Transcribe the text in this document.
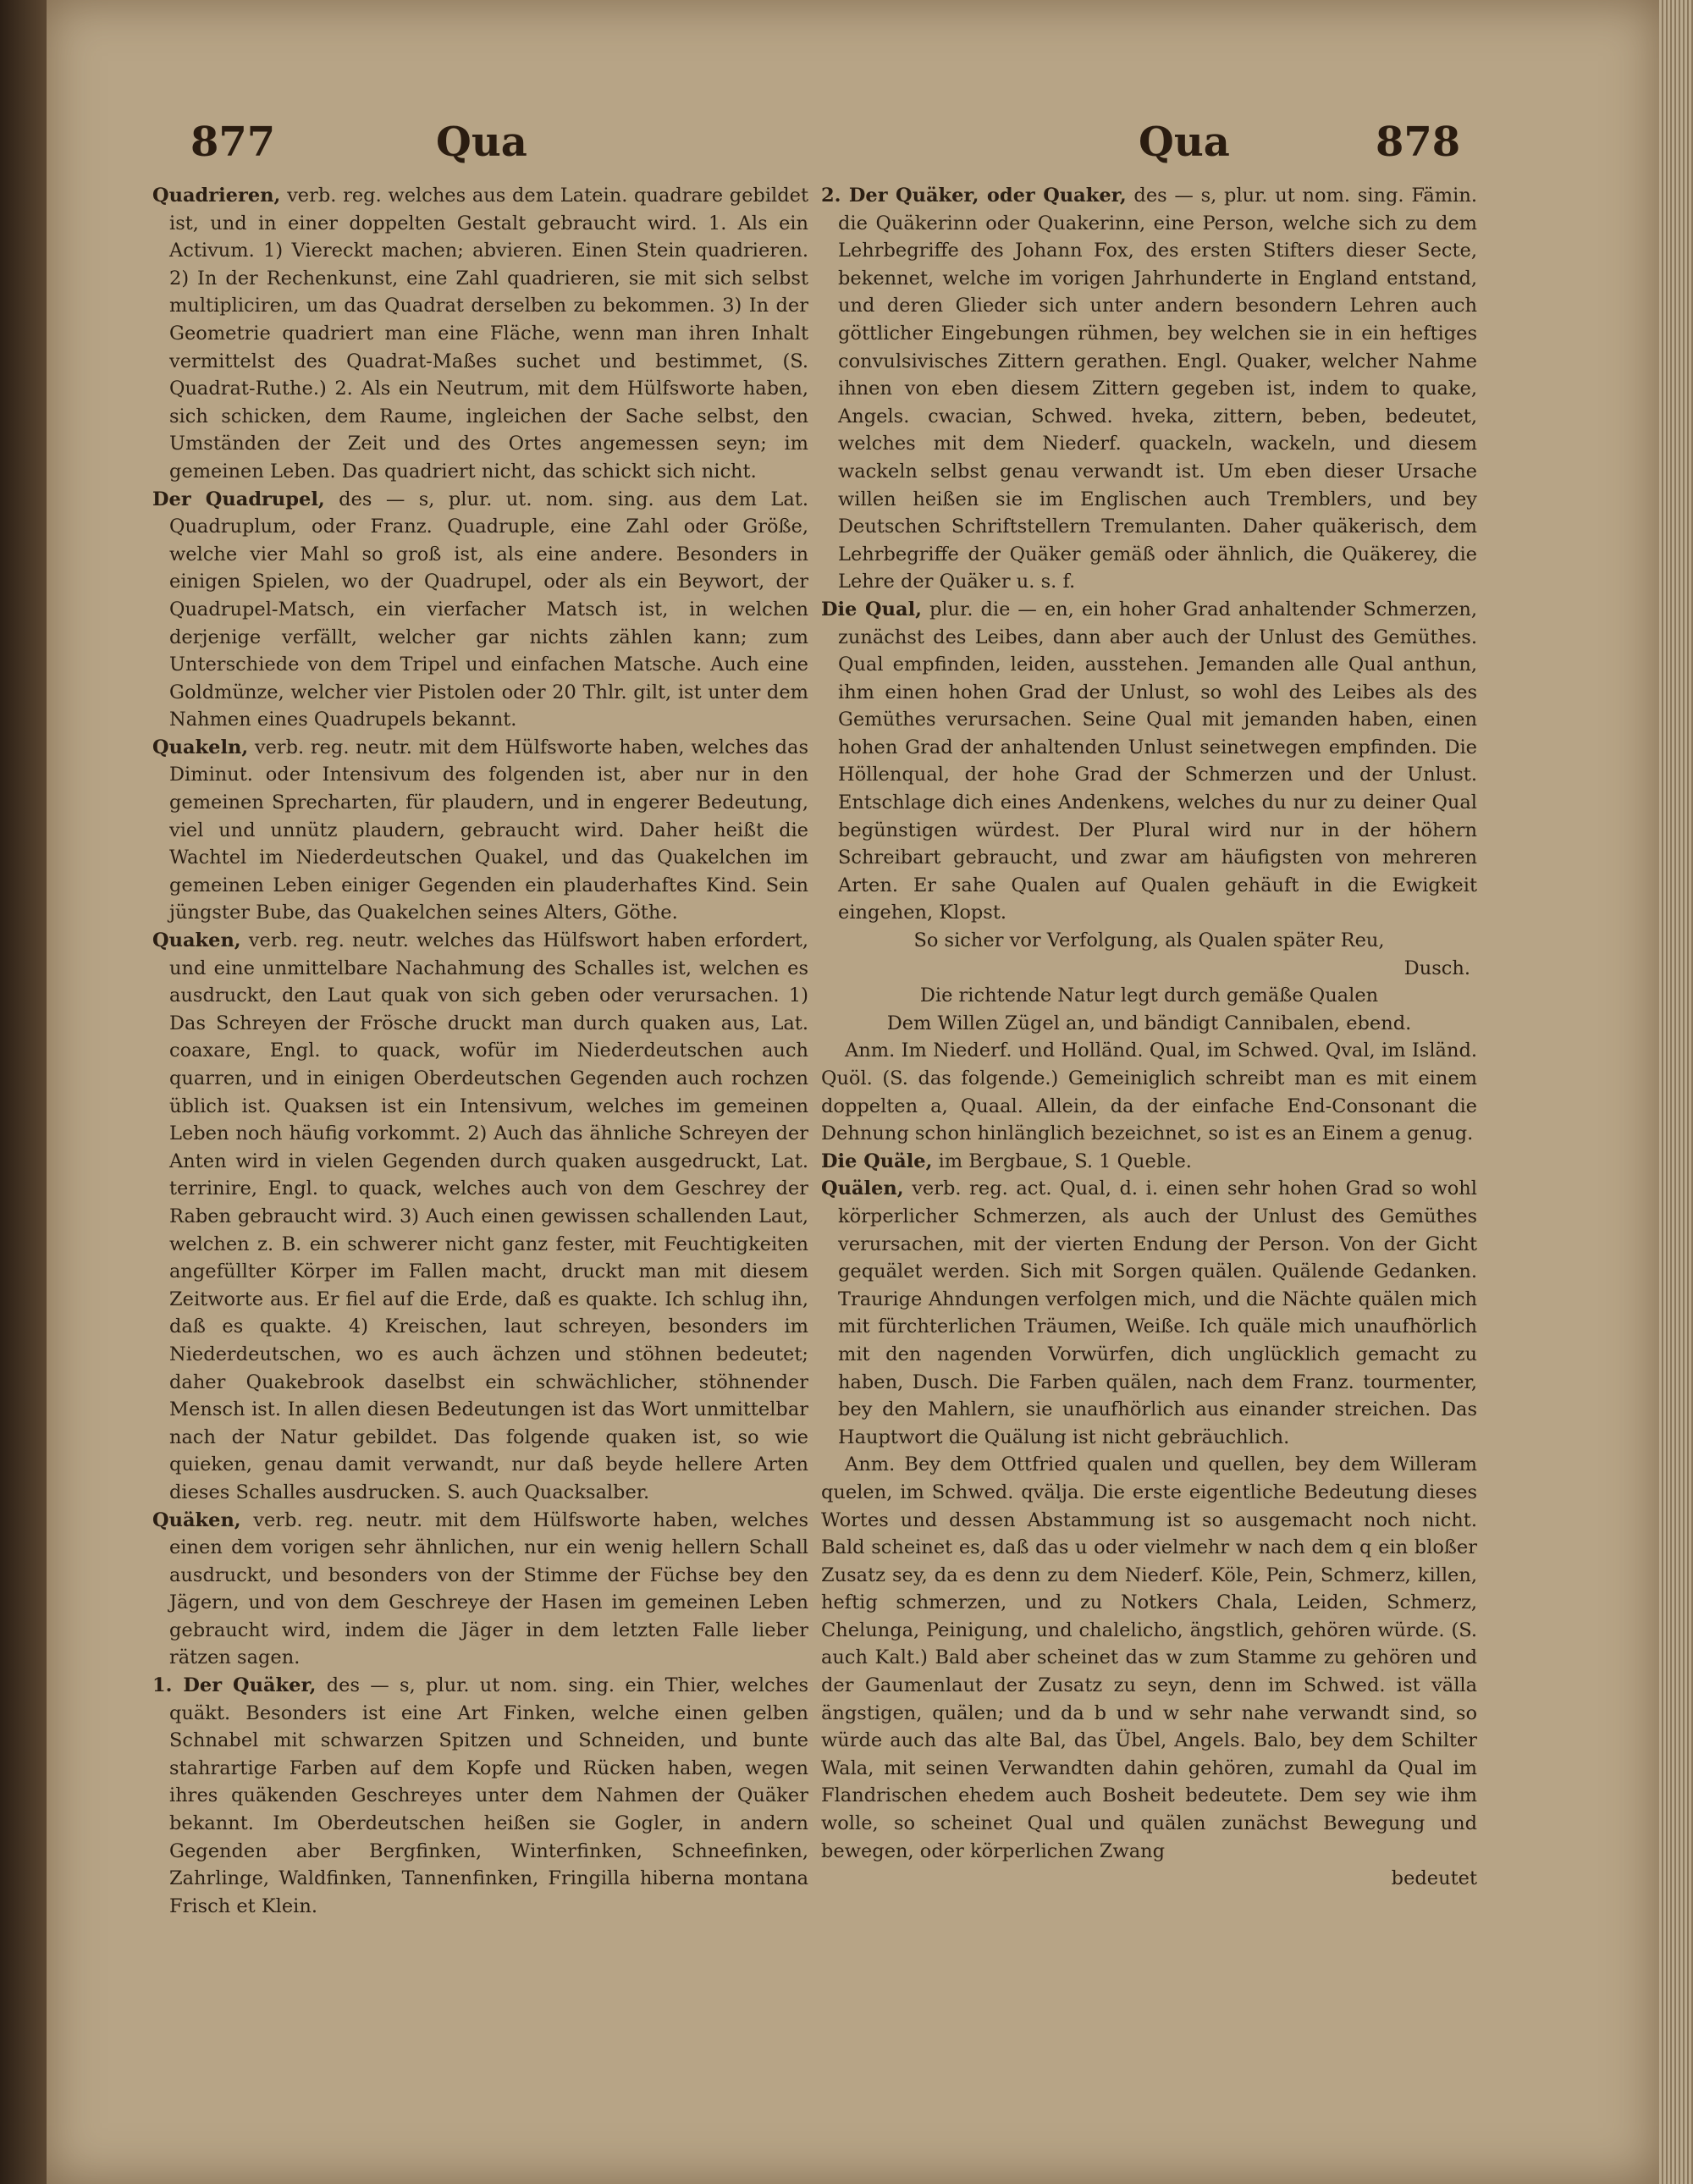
877	Qua	Qua	878

Quadrieren, verb. reg. welches aus dem Latein. quadrare gebildet ist, und in einer doppelten Gestalt gebraucht wird. 1. Als ein Activum. 1) Viereckt machen; abvieren. Einen Stein quadrieren. 2) In der Rechenkunst, eine Zahl quadrieren, sie mit sich selbst multipliciren, um das Quadrat derselben zu bekommen. 3) In der Geometrie quadriert man eine Fläche, wenn man ihren Inhalt vermittelst des Quadrat-Maßes suchet und bestimmet, (S. Quadrat-Ruthe.) 2. Als ein Neutrum, mit dem Hülfsworte haben, sich schicken, dem Raume, ingleichen der Sache selbst, den Umständen der Zeit und des Ortes angemessen seyn; im gemeinen Leben. Das quadriert nicht, das schickt sich nicht.

Der Quadrupel, des — s, plur. ut. nom. sing. aus dem Lat. Quadruplum, oder Franz. Quadruple, eine Zahl oder Größe, welche vier Mahl so groß ist, als eine andere. Besonders in einigen Spielen, wo der Quadrupel, oder als ein Beywort, der Quadrupel-Matsch, ein vierfacher Matsch ist, in welchen derjenige verfällt, welcher gar nichts zählen kann; zum Unterschiede von dem Tripel und einfachen Matsche. Auch eine Goldmünze, welcher vier Pistolen oder 20 Thlr. gilt, ist unter dem Nahmen eines Quadrupels bekannt.

Quakeln, verb. reg. neutr. mit dem Hülfsworte haben, welches das Diminut. oder Intensivum des folgenden ist, aber nur in den gemeinen Sprecharten, für plaudern, und in engerer Bedeutung, viel und unnütz plaudern, gebraucht wird. Daher heißt die Wachtel im Niederdeutschen Quakel, und das Quakelchen im gemeinen Leben einiger Gegenden ein plauderhaftes Kind. Sein jüngster Bube, das Quakelchen seines Alters, Göthe.

Quaken, verb. reg. neutr. welches das Hülfswort haben erfordert, und eine unmittelbare Nachahmung des Schalles ist, welchen es ausdruckt, den Laut quak von sich geben oder verursachen. 1) Das Schreyen der Frösche druckt man durch quaken aus, Lat. coaxare, Engl. to quack, wofür im Niederdeutschen auch quarren, und in einigen Oberdeutschen Gegenden auch rochzen üblich ist. Quaksen ist ein Intensivum, welches im gemeinen Leben noch häufig vorkommt. 2) Auch das ähnliche Schreyen der Anten wird in vielen Gegenden durch quaken ausgedruckt, Lat. terrinire, Engl. to quack, welches auch von dem Geschrey der Raben gebraucht wird. 3) Auch einen gewissen schallenden Laut, welchen z. B. ein schwerer nicht ganz fester, mit Feuchtigkeiten angefüllter Körper im Fallen macht, druckt man mit diesem Zeitworte aus. Er fiel auf die Erde, daß es quakte. Ich schlug ihn, daß es quakte. 4) Kreischen, laut schreyen, besonders im Niederdeutschen, wo es auch ächzen und stöhnen bedeutet; daher Quakebrook daselbst ein schwächlicher, stöhnender Mensch ist. In allen diesen Bedeutungen ist das Wort unmittelbar nach der Natur gebildet. Das folgende quaken ist, so wie quieken, genau damit verwandt, nur daß beyde hellere Arten dieses Schalles ausdrucken. S. auch Quacksalber.

Quäken, verb. reg. neutr. mit dem Hülfsworte haben, welches einen dem vorigen sehr ähnlichen, nur ein wenig hellern Schall ausdruckt, und besonders von der Stimme der Füchse bey den Jägern, und von dem Geschreye der Hasen im gemeinen Leben gebraucht wird, indem die Jäger in dem letzten Falle lieber rätzen sagen.

1. Der Quäker, des — s, plur. ut nom. sing. ein Thier, welches quäkt. Besonders ist eine Art Finken, welche einen gelben Schnabel mit schwarzen Spitzen und Schneiden, und bunte stahrartige Farben auf dem Kopfe und Rücken haben, wegen ihres quäkenden Geschreyes unter dem Nahmen der Quäker bekannt. Im Oberdeutschen heißen sie Gogler, in andern Gegenden aber Bergfinken, Winterfinken, Schneefinken, Zahrlinge, Waldfinken, Tannenfinken, Fringilla hiberna montana Frisch et Klein.

2. Der Quäker, oder Quaker, des — s, plur. ut nom. sing. Fämin. die Quäkerinn oder Quakerinn, eine Person, welche sich zu dem Lehrbegriffe des Johann Fox, des ersten Stifters dieser Secte, bekennet, welche im vorigen Jahrhunderte in England entstand, und deren Glieder sich unter andern besondern Lehren auch göttlicher Eingebungen rühmen, bey welchen sie in ein heftiges convulsivisches Zittern gerathen. Engl. Quaker, welcher Nahme ihnen von eben diesem Zittern gegeben ist, indem to quake, Angels. cwacian, Schwed. hveka, zittern, beben, bedeutet, welches mit dem Niederf. quackeln, wackeln, und diesem wackeln selbst genau verwandt ist. Um eben dieser Ursache willen heißen sie im Englischen auch Tremblers, und bey Deutschen Schriftstellern Tremulanten. Daher quäkerisch, dem Lehrbegriffe der Quäker gemäß oder ähnlich, die Quäkerey, die Lehre der Quäker u. s. f.

Die Qual, plur. die — en, ein hoher Grad anhaltender Schmerzen, zunächst des Leibes, dann aber auch der Unlust des Gemüthes. Qual empfinden, leiden, ausstehen. Jemanden alle Qual anthun, ihm einen hohen Grad der Unlust, so wohl des Leibes als des Gemüthes verursachen. Seine Qual mit jemanden haben, einen hohen Grad der anhaltenden Unlust seinetwegen empfinden. Die Höllenqual, der hohe Grad der Schmerzen und der Unlust. Entschlage dich eines Andenkens, welches du nur zu deiner Qual begünstigen würdest. Der Plural wird nur in der höhern Schreibart gebraucht, und zwar am häufigsten von mehreren Arten. Er sahe Qualen auf Qualen gehäuft in die Ewigkeit eingehen, Klopst.

So sicher vor Verfolgung, als Qualen später Reu,

Dusch.

Die richtende Natur legt durch gemäße Qualen

Dem Willen Zügel an, und bändigt Cannibalen, ebend.

Anm. Im Niederf. und Holländ. Qual, im Schwed. Qval, im Isländ. Quöl. (S. das folgende.) Gemeiniglich schreibt man es mit einem doppelten a, Quaal. Allein, da der einfache End-Consonant die Dehnung schon hinlänglich bezeichnet, so ist es an Einem a genug.

Die Quäle, im Bergbaue, S. 1 Queble.

Quälen, verb. reg. act. Qual, d. i. einen sehr hohen Grad so wohl körperlicher Schmerzen, als auch der Unlust des Gemüthes verursachen, mit der vierten Endung der Person. Von der Gicht gequälet werden. Sich mit Sorgen quälen. Quälende Gedanken. Traurige Ahndungen verfolgen mich, und die Nächte quälen mich mit fürchterlichen Träumen, Weiße. Ich quäle mich unaufhörlich mit den nagenden Vorwürfen, dich unglücklich gemacht zu haben, Dusch. Die Farben quälen, nach dem Franz. tourmenter, bey den Mahlern, sie unaufhörlich aus einander streichen. Das Hauptwort die Quälung ist nicht gebräuchlich.

Anm. Bey dem Ottfried qualen und quellen, bey dem Willeram quelen, im Schwed. qvälja. Die erste eigentliche Bedeutung dieses Wortes und dessen Abstammung ist so ausgemacht noch nicht. Bald scheinet es, daß das u oder vielmehr w nach dem q ein bloßer Zusatz sey, da es denn zu dem Niederf. Köle, Pein, Schmerz, killen, heftig schmerzen, und zu Notkers Chala, Leiden, Schmerz, Chelunga, Peinigung, und chalelicho, ängstlich, gehören würde. (S. auch Kalt.) Bald aber scheinet das w zum Stamme zu gehören und der Gaumenlaut der Zusatz zu seyn, denn im Schwed. ist välla ängstigen, quälen; und da b und w sehr nahe verwandt sind, so würde auch das alte Bal, das Übel, Angels. Balo, bey dem Schilter Wala, mit seinen Verwandten dahin gehören, zumahl da Qual im Flandrischen ehedem auch Bosheit bedeutete. Dem sey wie ihm wolle, so scheinet Qual und quälen zunächst Bewegung und bewegen, oder körperlichen Zwang

bedeutet
